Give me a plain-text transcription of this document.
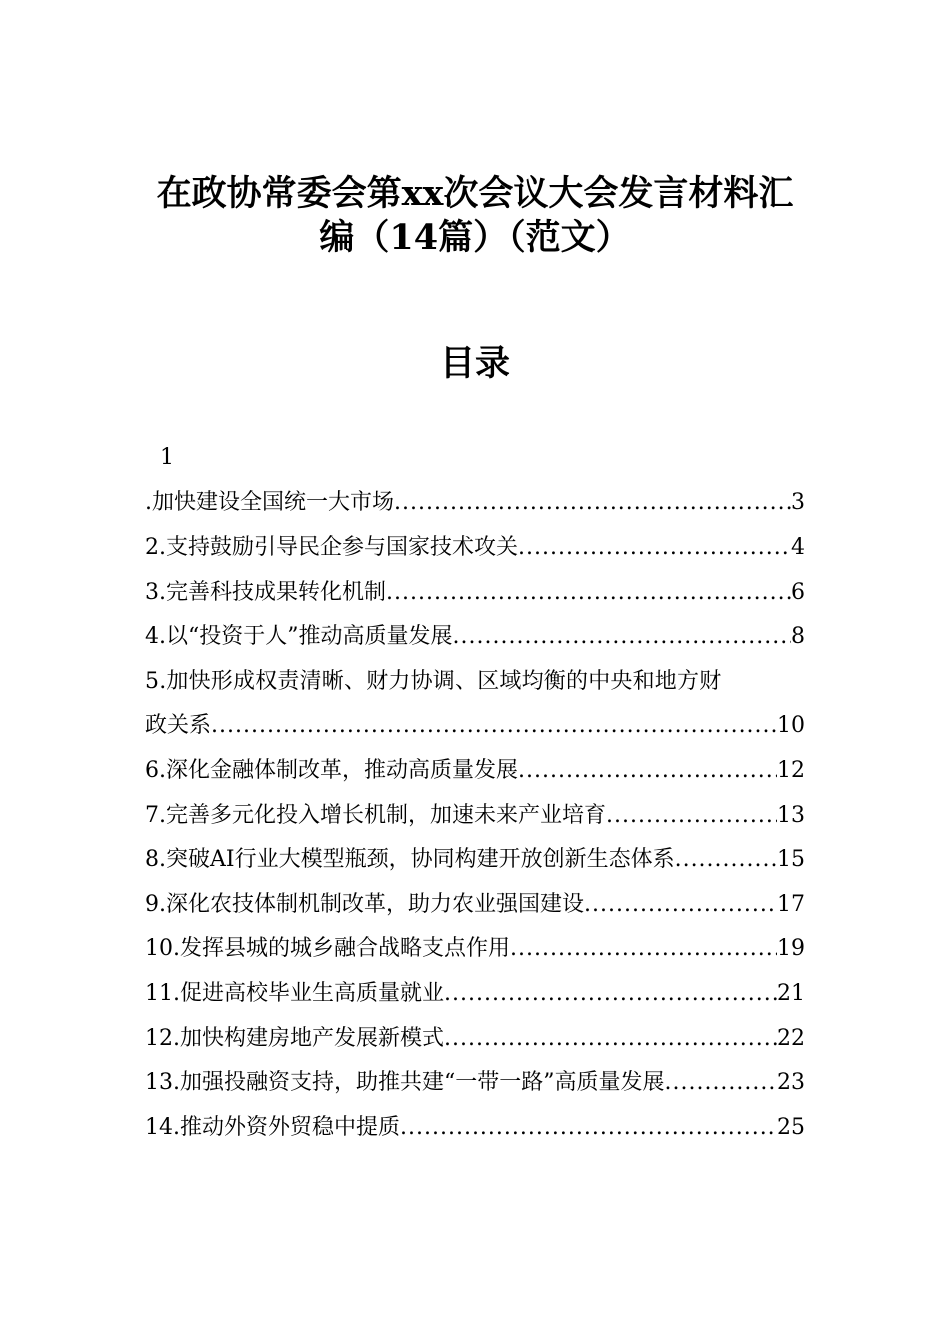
在政协常委会第xx次会议大会发言材料汇
编（14篇）（范文）
目录
1
.加快建设全国统一大市场 .....	3
2.支持鼓励引导民企参与国家技术攻关 .....	4
3.完善科技成果转化机制 .....	6
4.以“投资于人”推动高质量发展 .....	8
5.加快形成权责清晰、财力协调、区域均衡的中央和地方财
政关系 .....	10
6.深化金融体制改革，推动高质量发展 .....	12
7.完善多元化投入增长机制，加速未来产业培育 .....	13
8.突破AI行业大模型瓶颈，协同构建开放创新生态体系 .....	15
9.深化农技体制机制改革，助力农业强国建设 .....	17
10.发挥县城的城乡融合战略支点作用 .....	19
11.促进高校毕业生高质量就业 .....	21
12.加快构建房地产发展新模式 .....	22
13.加强投融资支持，助推共建“一带一路”高质量发展 .....	23
14.推动外资外贸稳中提质 .....	25
